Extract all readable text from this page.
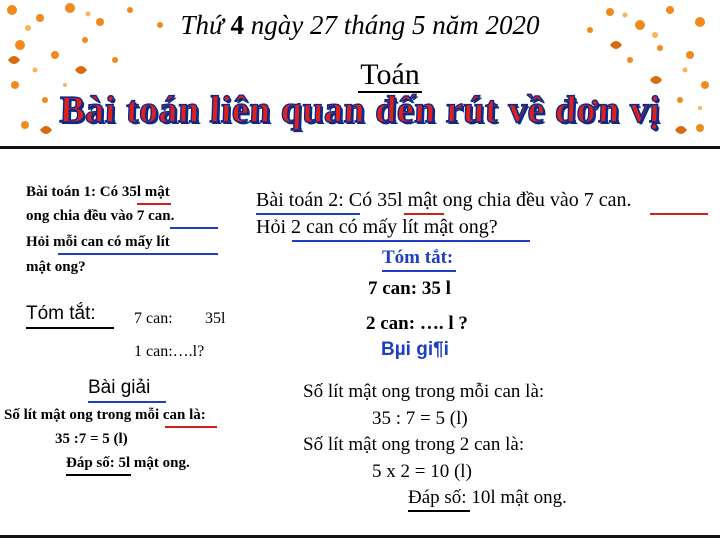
Thứ 4 ngày 27 tháng 5 năm 2020
Toán
Bài toán liên quan đến rút về đơn vị
Bài toán 1: Có 35l mật
ong chia đều vào 7 can.
Hỏi mỗi can có mấy lít
mật ong?
Tóm tắt: 7 can: 35l
1 can:….l?
Bài giải
Số lít mật ong trong mỗi can là:
35 :7 = 5 (l)
Đáp số: 5l mật ong.
Bài toán 2: Có 35l mật ong chia đều vào 7 can.
Hỏi 2 can có mấy lít mật ong?
Tóm tắt:
7 can: 35 l
2 can: …. l ?
Bµi gi¶i
Số lít mật ong trong mỗi can là:
35 : 7 = 5 (l)
Số lít mật ong trong 2 can là:
5 x 2 = 10 (l)
Đáp số: 10l mật ong.
